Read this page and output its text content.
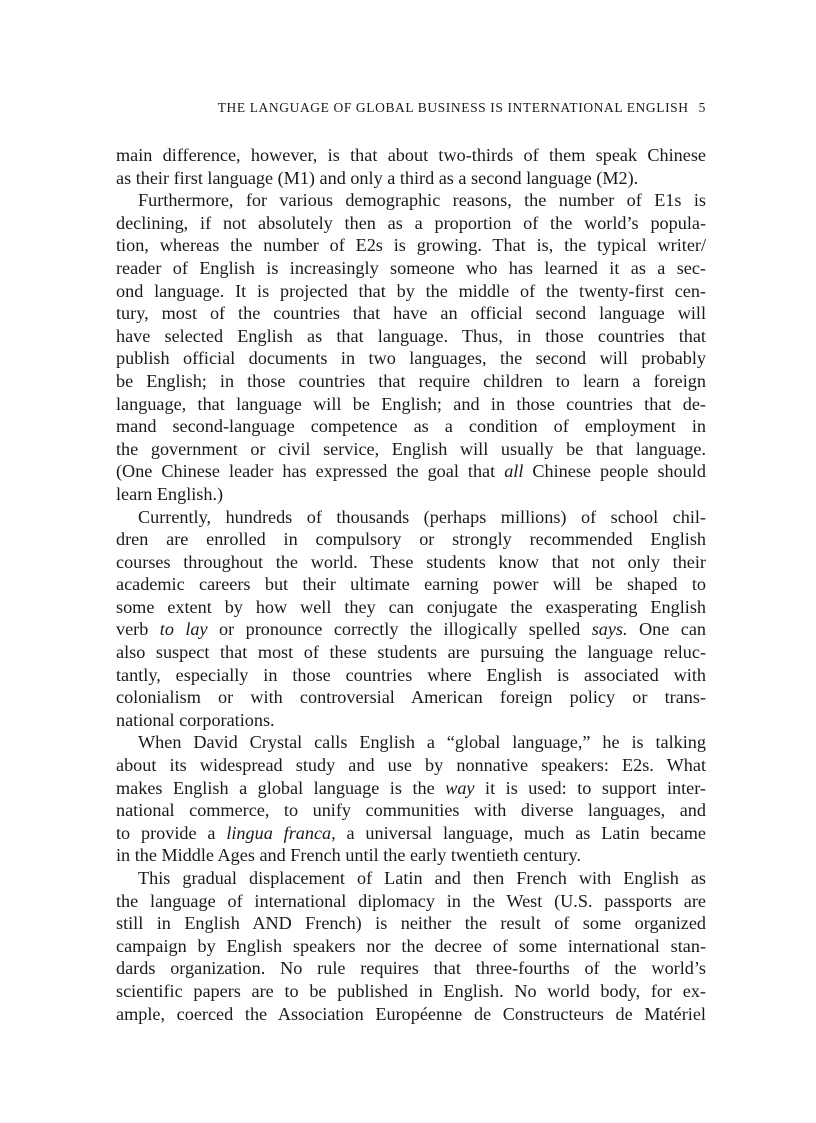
THE LANGUAGE OF GLOBAL BUSINESS IS INTERNATIONAL ENGLISH 5
main difference, however, is that about two-thirds of them speak Chinese
as their first language (M1) and only a third as a second language (M2).
Furthermore, for various demographic reasons, the number of E1s is
declining, if not absolutely then as a proportion of the world’s popula-
tion, whereas the number of E2s is growing. That is, the typical writer/
reader of English is increasingly someone who has learned it as a sec-
ond language. It is projected that by the middle of the twenty-first cen-
tury, most of the countries that have an official second language will
have selected English as that language. Thus, in those countries that
publish official documents in two languages, the second will probably
be English; in those countries that require children to learn a foreign
language, that language will be English; and in those countries that de-
mand second-language competence as a condition of employment in
the government or civil service, English will usually be that language.
(One Chinese leader has expressed the goal that all Chinese people should
learn English.)
Currently, hundreds of thousands (perhaps millions) of school chil-
dren are enrolled in compulsory or strongly recommended English
courses throughout the world. These students know that not only their
academic careers but their ultimate earning power will be shaped to
some extent by how well they can conjugate the exasperating English
verb to lay or pronounce correctly the illogically spelled says. One can
also suspect that most of these students are pursuing the language reluc-
tantly, especially in those countries where English is associated with
colonialism or with controversial American foreign policy or trans-
national corporations.
When David Crystal calls English a “global language,” he is talking
about its widespread study and use by nonnative speakers: E2s. What
makes English a global language is the way it is used: to support inter-
national commerce, to unify communities with diverse languages, and
to provide a lingua franca, a universal language, much as Latin became
in the Middle Ages and French until the early twentieth century.
This gradual displacement of Latin and then French with English as
the language of international diplomacy in the West (U.S. passports are
still in English AND French) is neither the result of some organized
campaign by English speakers nor the decree of some international stan-
dards organization. No rule requires that three-fourths of the world’s
scientific papers are to be published in English. No world body, for ex-
ample, coerced the Association Européenne de Constructeurs de Matériel
